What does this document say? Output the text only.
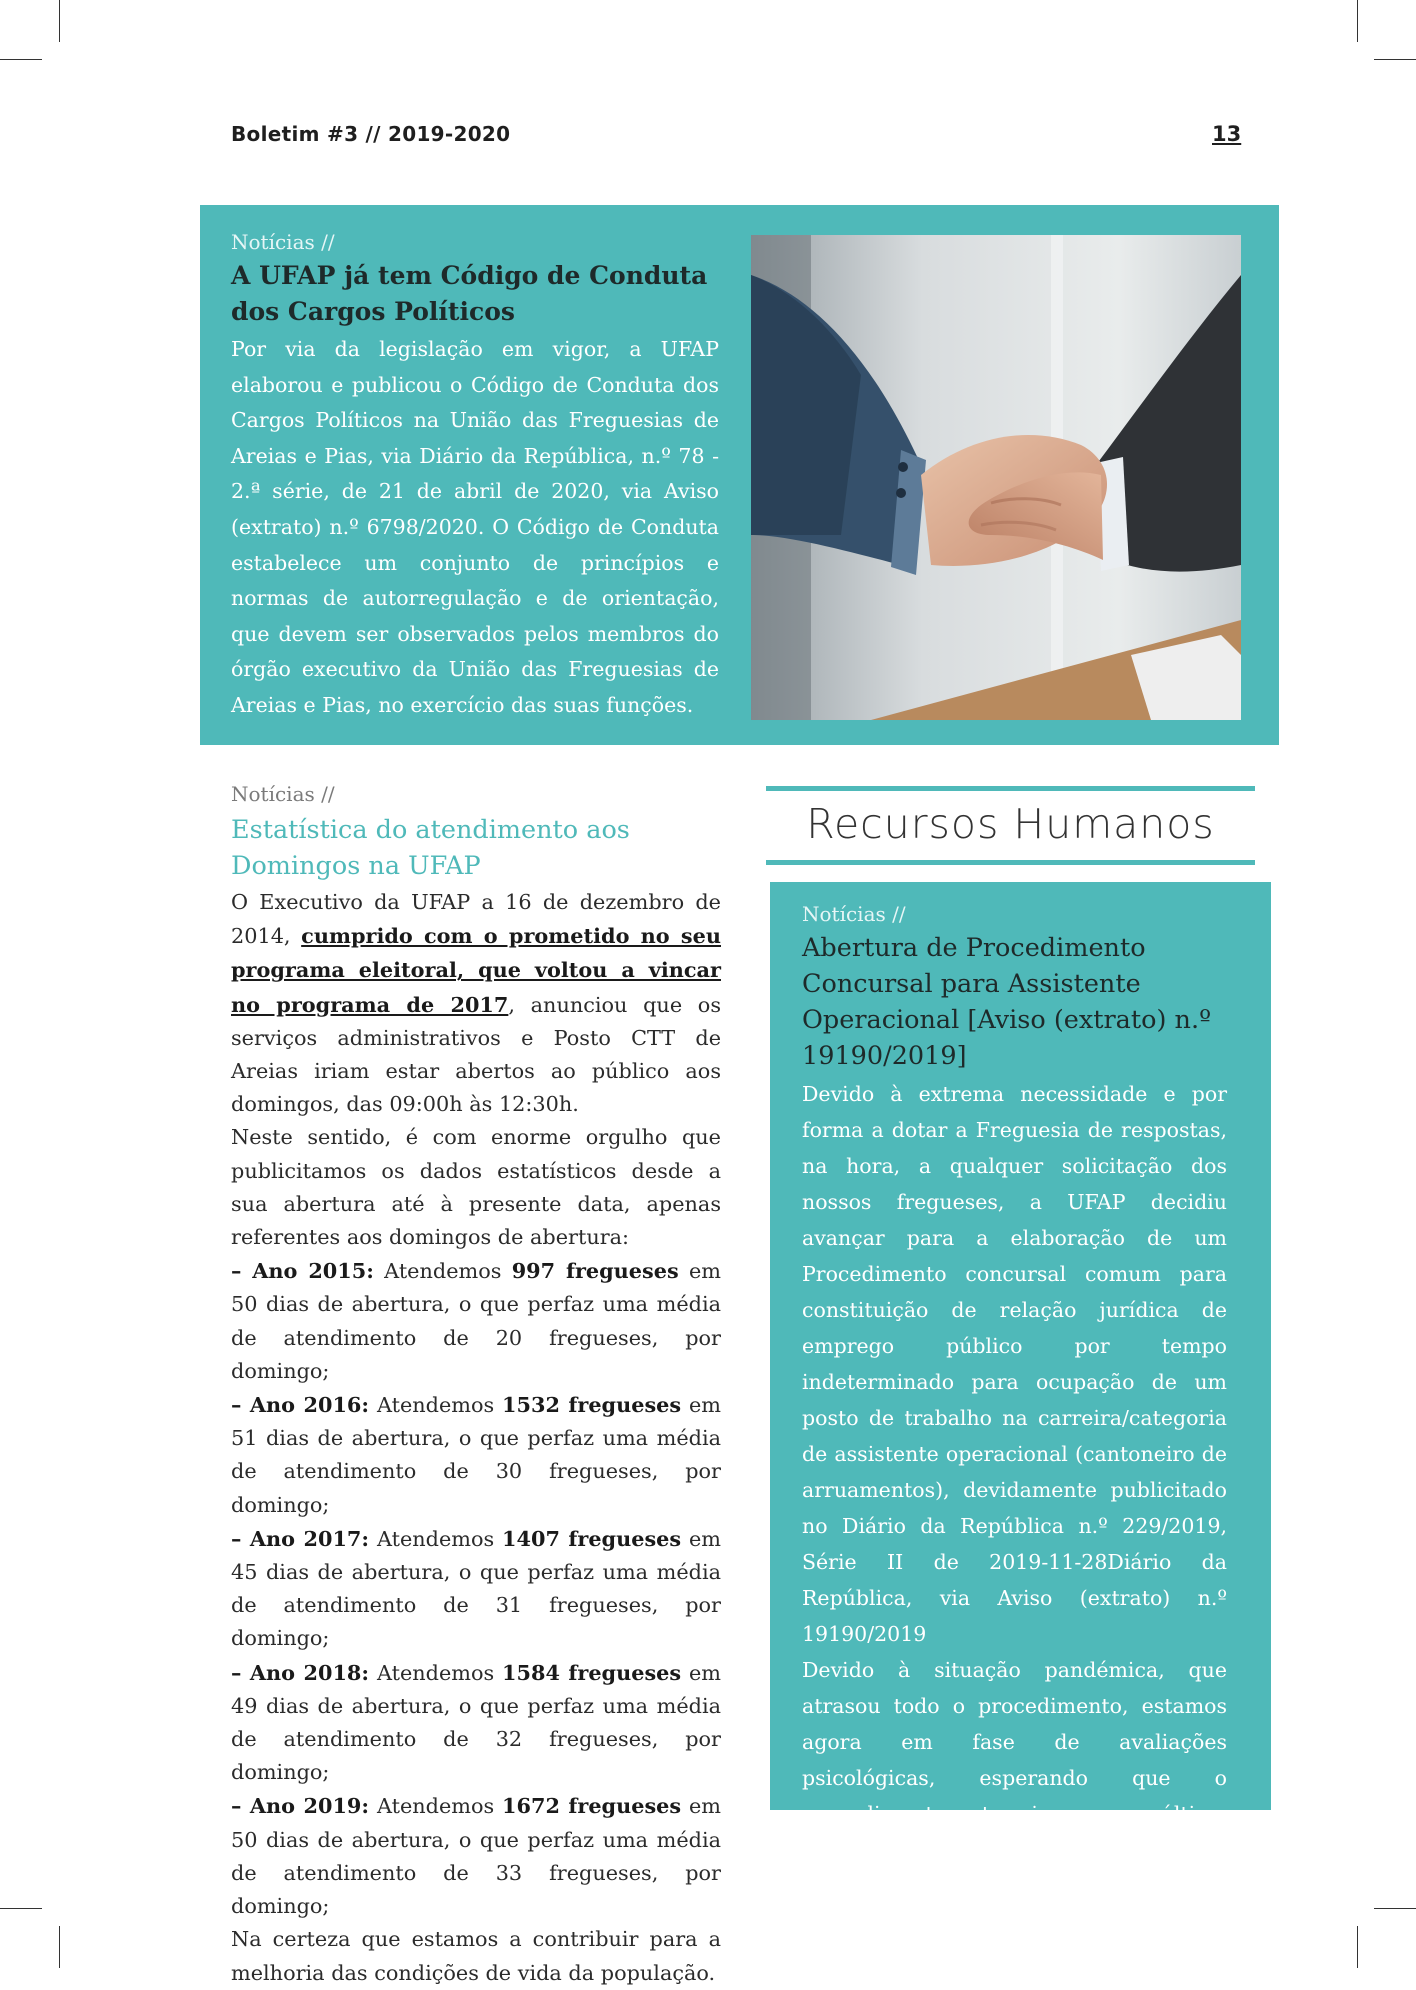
Boletim #3 // 2019-2020	13
Notícias //
A UFAP já tem Código de Conduta dos Cargos Políticos
Por via da legislação em vigor, a UFAP elaborou e publicou o Código de Conduta dos Cargos Políticos na União das Freguesias de Areias e Pias, via Diário da República, n.º 78 - 2.ª série, de 21 de abril de 2020, via Aviso (extrato) n.º 6798/2020. O Código de Conduta estabelece um conjunto de princípios e normas de autorregulação e de orientação, que devem ser observados pelos membros do órgão executivo da União das Freguesias de Areias e Pias, no exercício das suas funções.
Notícias //
Estatística do atendimento aos Domingos na UFAP

O Executivo da UFAP a 16 de dezembro de 2014, cumprido com o prometido no seu programa eleitoral, que voltou a vincar no programa de 2017, anunciou que os serviços administrativos e Posto CTT de Areias iriam estar abertos ao público aos domingos, das 09:00h às 12:30h.

Neste sentido, é com enorme orgulho que publicitamos os dados estatísticos desde a sua abertura até à presente data, apenas referentes aos domingos de abertura:

– Ano 2015: Atendemos 997 fregueses em 50 dias de abertura, o que perfaz uma média de atendimento de 20 fregueses, por domingo;

– Ano 2016: Atendemos 1532 fregueses em 51 dias de abertura, o que perfaz uma média de atendimento de 30 fregueses, por domingo;

– Ano 2017: Atendemos 1407 fregueses em 45 dias de abertura, o que perfaz uma média de atendimento de 31 fregueses, por domingo;

– Ano 2018: Atendemos 1584 fregueses em 49 dias de abertura, o que perfaz uma média de atendimento de 32 fregueses, por domingo;

– Ano 2019: Atendemos 1672 fregueses em 50 dias de abertura, o que perfaz uma média de atendimento de 33 fregueses, por domingo;

Na certeza que estamos a contribuir para a melhoria das condições de vida da população.

Recursos Humanos
Notícias //
Abertura de Procedimento Concursal para Assistente Operacional [Aviso (extrato) n.º 19190/2019]

Devido à extrema necessidade e por forma a dotar a Freguesia de respostas, na hora, a qualquer solicitação dos nossos fregueses, a UFAP decidiu avançar para a elaboração de um Procedimento concursal comum para constituição de relação jurídica de emprego público por tempo indeterminado para ocupação de um posto de trabalho na carreira/categoria de assistente operacional (cantoneiro de arruamentos), devidamente publicitado no Diário da República n.º 229/2019, Série II de 2019-11-28Diário da República, via Aviso (extrato) n.º 19190/2019

Devido à situação pandémica, que atrasou todo o procedimento, estamos agora em fase de avaliações psicológicas, esperando que o procedimento termine no último trimestre do presente ano.
